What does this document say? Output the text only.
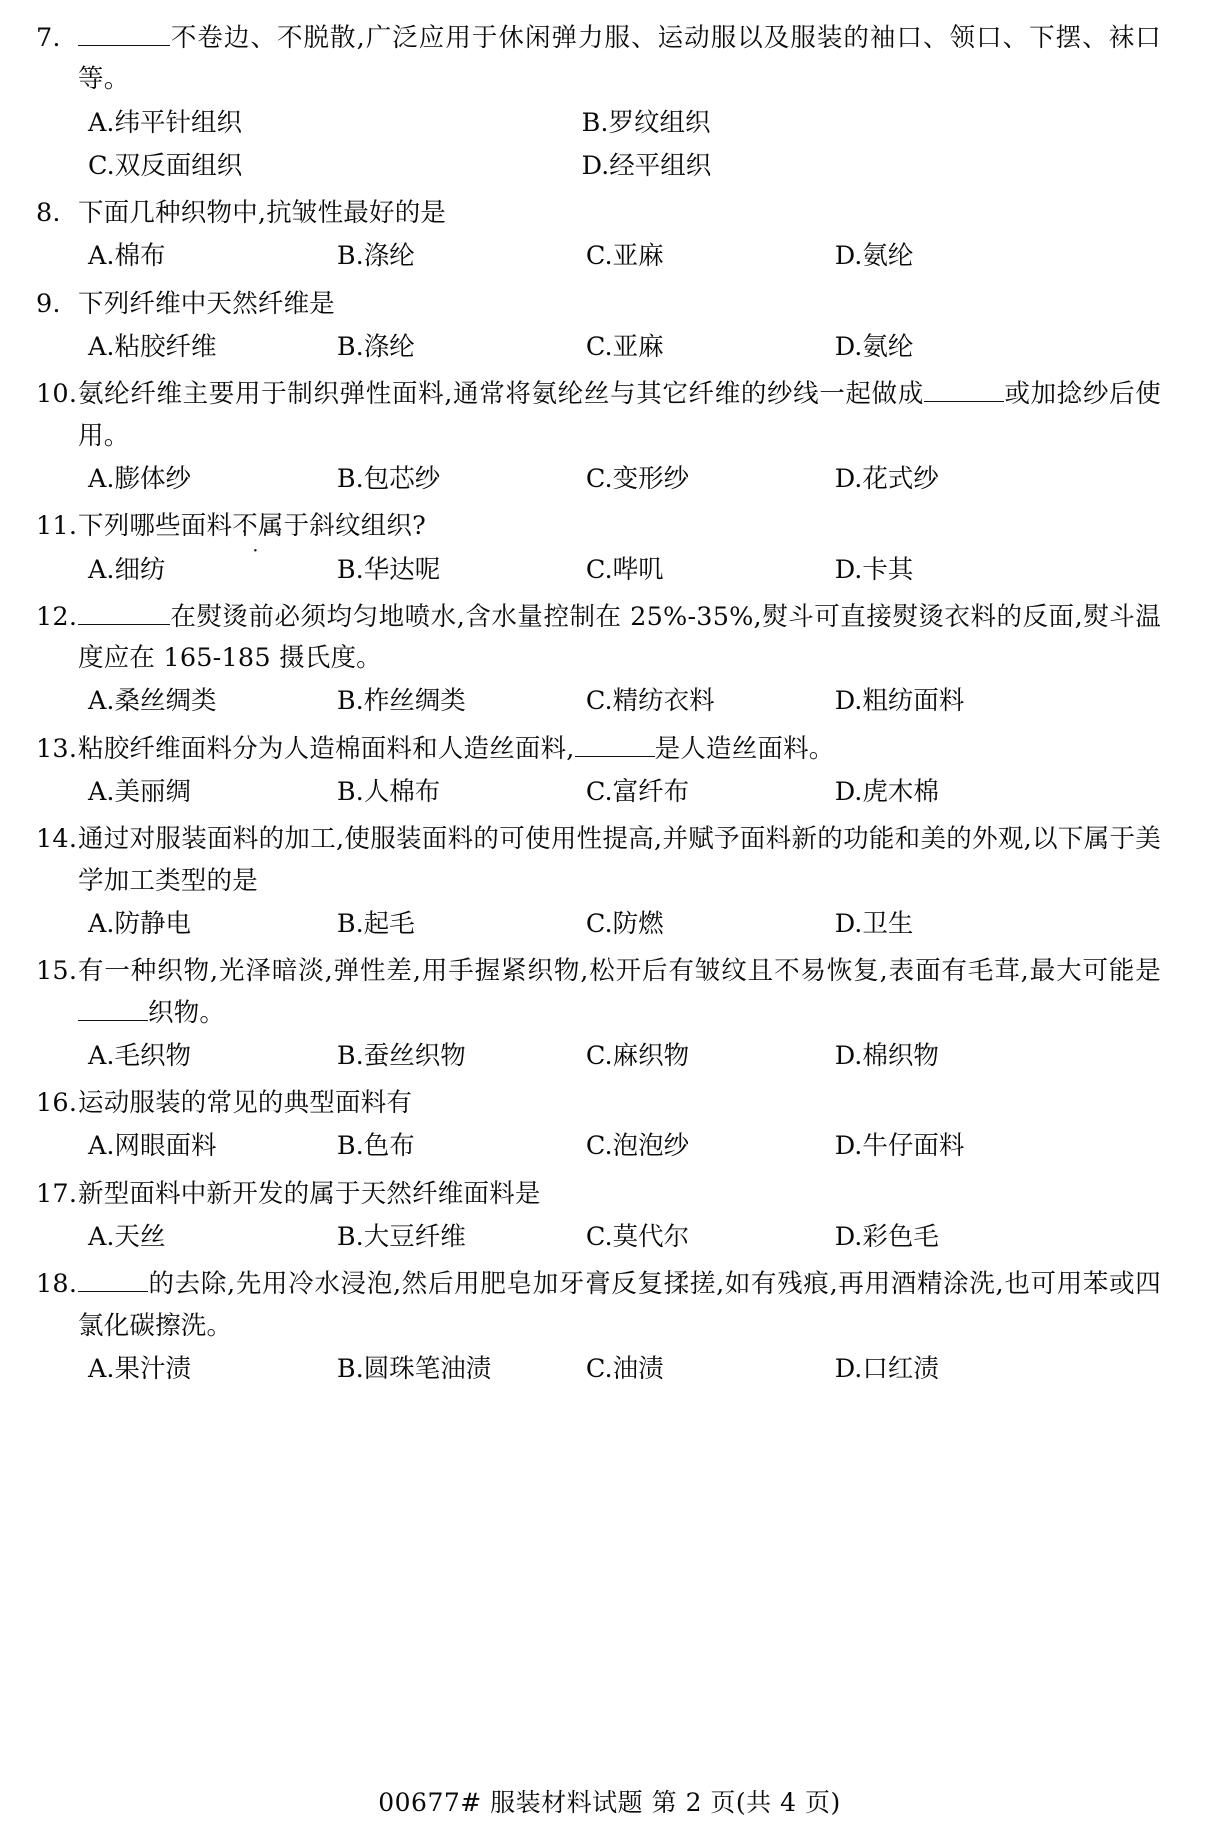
7.	不卷边、不脱散,广泛应用于休闲弹力服、运动服以及服装的袖口、领口、下摆、袜口等。
A.纬平针组织	B.罗纹组织
C.双反面组织	D.经平组织
8. 下面几种织物中,抗皱性最好的是
A.棉布	B.涤纶	C.亚麻	D.氨纶
9. 下列纤维中天然纤维是
A.粘胶纤维	B.涤纶	C.亚麻	D.氨纶
10. 氨纶纤维主要用于制织弹性面料,通常将氨纶丝与其它纤维的纱线一起做成	或加捻纱后使用。
A.膨体纱	B.包芯纱	C.变形纱	D.花式纱
11. 下列哪些面料不属 · · ·于斜纹组织?
A.细纺	B.华达呢	C.哔叽	D.卡其
12.	在熨烫前必须均匀地喷水,含水量控制在 25%-35%,熨斗可直接熨烫衣料的反面,熨斗温度应在 165-185 摄氏度。
A.桑丝绸类	B.柞丝绸类	C.精纺衣料	D.粗纺面料
13. 粘胶纤维面料分为人造棉面料和人造丝面料,	是人造丝面料。
A.美丽绸	B.人棉布	C.富纤布	D.虎木棉
14. 通过对服装面料的加工,使服装面料的可使用性提高,并赋予面料新的功能和美的外观,以下属于美学加工类型的是
A.防静电	B.起毛	C.防燃	D.卫生
15. 有一种织物,光泽暗淡,弹性差,用手握紧织物,松开后有皱纹且不易恢复,表面有毛茸,最大可能是织物。
A.毛织物	B.蚕丝织物	C.麻织物	D.棉织物
16. 运动服装的常见的典型面料有
A.网眼面料	B.色布	C.泡泡纱	D.牛仔面料
17. 新型面料中新开发的属于天然纤维面料是
A.天丝	B.大豆纤维	C.莫代尔	D.彩色毛
18.	的去除,先用冷水浸泡,然后用肥皂加牙膏反复揉搓,如有残痕,再用酒精涂洗,也可用苯或四氯化碳擦洗。
A.果汁渍	B.圆珠笔油渍	C.油渍	D.口红渍
00677# 服装材料试题 第 2 页(共 4 页)
